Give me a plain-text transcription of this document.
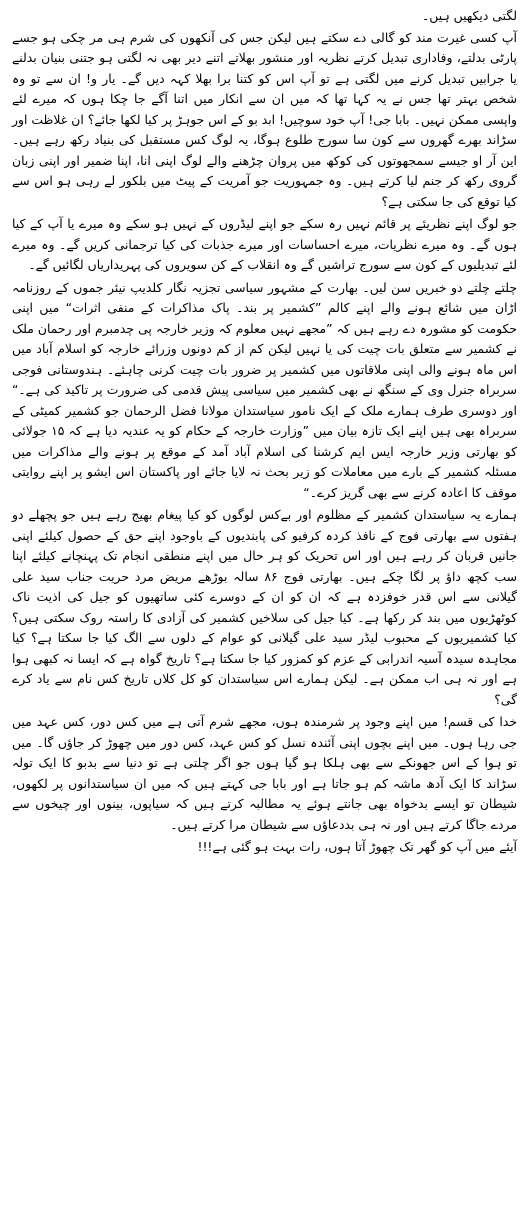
لگتی دیکھیں ہیں۔

آپ کسی غیرت مند کو گالی دے سکتے ہیں لیکن جس کی آنکھوں کی شرم ہی مر چکی ہو جسے پارٹی بدلتے، وفاداری تبدیل کرتے نظریہ اور منشور بھلاتے اتنے دیر بھی نہ لگتی ہو جتنی بنیان بدلنے یا جرابیں تبدیل کرنے میں لگتی ہے تو آپ اس کو کتنا برا بھلا کہہ دیں گے۔ یار و! ان سے تو وہ شخص بہتر تھا جس نے یہ کہا تھا کہ میں ان سے انکار میں اتنا آگے جا چکا ہوں کہ میرے لئے واپسی ممکن نہیں۔ بابا جی! آپ خود سوچیں! ابد بو کے اس جوہڑ پر کیا لکھا جائے؟ ان غلاظت اور سڑاند بھرے گھروں سے کون سا سورج طلوع ہوگا، یہ لوگ کس مستقبل کی بنیاد رکھ رہے ہیں۔ این آر او جیسے سمجھوتوں کی کوکھ میں پروان چڑھنے والے لوگ اپنی انا، اپنا ضمیر اور اپنی زبان گروی رکھ کر جنم لیا کرتے ہیں۔ وہ جمہوریت جو آمریت کے پیٹ میں بلکور لے رہی ہو اس سے کیا توقع کی جا سکتی ہے؟

جو لوگ اپنے نظریئے پر قائم نہیں رہ سکے جو اپنے لیڈروں کے نہیں ہو سکے وہ میرے یا آپ کے کیا ہوں گے۔ وہ میرے نظریات، میرے احساسات اور میرے جذبات کی کیا ترجمانی کریں گے۔ وہ میرے لئے تبدیلیوں کے کون سے سورج تراشیں گے وہ انقلاب کے کن سویروں کی پہریداریاں لگائیں گے۔

چلتے چلتے دو خبریں سن لیں۔ بھارت کے مشہور سیاسی تجزیہ نگار کلدیپ نیئر جموں کے روزنامہ اڑان میں شائع ہونے والے اپنے کالم ”کشمیر پر بند۔ پاک مذاکرات کے منفی اثرات“ میں اپنی حکومت کو مشورہ دے رہے ہیں کہ ”مجھے نہیں معلوم کہ وزیر خارجہ پی چدمبرم اور رحمان ملک نے کشمیر سے متعلق بات چیت کی یا نہیں لیکن کم از کم دونوں وزرائے خارجہ کو اسلام آباد میں اس ماہ ہونے والی اپنی ملاقاتوں میں کشمیر پر ضرور بات چیت کرنی چاہئے۔ ہندوستانی فوجی سربراہ جنرل وی کے سنگھ نے بھی کشمیر میں سیاسی پیش قدمی کی ضرورت پر تاکید کی ہے۔“ اور دوسری طرف ہمارے ملک کے ایک نامور سیاستدان مولانا فضل الرحمان جو کشمیر کمیٹی کے سربراہ بھی ہیں اپنے ایک تازہ بیان میں ”وزارت خارجہ کے حکام کو یہ عندیہ دیا ہے کہ ۱۵ جولائی کو بھارتی وزیر خارجہ ایس ایم کرشنا کی اسلام آباد آمد کے موقع پر ہونے والے مذاکرات میں مسئلہ کشمیر کے بارے میں معاملات کو زیر بحث نہ لایا جائے اور پاکستان اس ایشو پر اپنے روایتی موقف کا اعادہ کرنے سے بھی گریز کرے۔“

ہمارے یہ سیاستدان کشمیر کے مظلوم اور بےکس لوگوں کو کیا پیغام بھیج رہے ہیں جو پچھلے دو ہفتوں سے بھارتی فوج کے نافذ کردہ کرفیو کی پابندیوں کے باوجود اپنے حق کے حصول کیلئے اپنی جانیں قربان کر رہے ہیں اور اس تحریک کو ہر حال میں اپنے منطقی انجام تک پہنچانے کیلئے اپنا سب کچھ داؤ پر لگا چکے ہیں۔ بھارتی فوج ۸۶ سالہ بوڑھے مریض مرد حریت جناب سید علی گیلانی سے اس قدر خوفزدہ ہے کہ ان کو ان کے دوسرے کئی ساتھیوں کو جیل کی اذیت ناک کوٹھڑیوں میں بند کر رکھا ہے۔ کیا جیل کی سلاخیں کشمیر کی آزادی کا راستہ روک سکتی ہیں؟ کیا کشمیریوں کے محبوب لیڈر سید علی گیلانی کو عوام کے دلوں سے الگ کیا جا سکتا ہے؟ کیا مجاہدہ سیدہ آسیہ اندرابی کے عزم کو کمزور کیا جا سکتا ہے؟ تاریخ گواہ ہے کہ ایسا نہ کبھی ہوا ہے اور نہ ہی اب ممکن ہے۔ لیکن ہمارے اس سیاستدان کو کل کلاں تاریخ کس نام سے یاد کرے گی؟

خدا کی قسم! میں اپنے وجود پر شرمندہ ہوں، مجھے شرم آتی ہے میں کس دور، کس عہد میں جی رہا ہوں۔ میں اپنے بچوں اپنی آئندہ نسل کو کس عہد، کس دور میں چھوڑ کر جاؤں گا۔ میں تو ہوا کے اس جھونکے سے بھی ہلکا ہو گیا ہوں جو اگر چلتی ہے تو دنیا سے بدبو کا ایک تولہ سڑاند کا ایک آدھ ماشہ کم ہو جاتا ہے اور بابا جی کہتے ہیں کہ میں ان سیاستدانوں پر لکھوں، شیطان تو ایسے بدخواہ بھی جانتے ہوئے یہ مطالبہ کرتے ہیں کہ سیاپوں، بینوں اور چیخوں سے مردے جاگا کرتے ہیں اور نہ ہی بددعاؤں سے شیطان مرا کرتے ہیں۔

آیئے میں آپ کو گھر تک چھوڑ آتا ہوں، رات بہت ہو گئی ہے!!!
